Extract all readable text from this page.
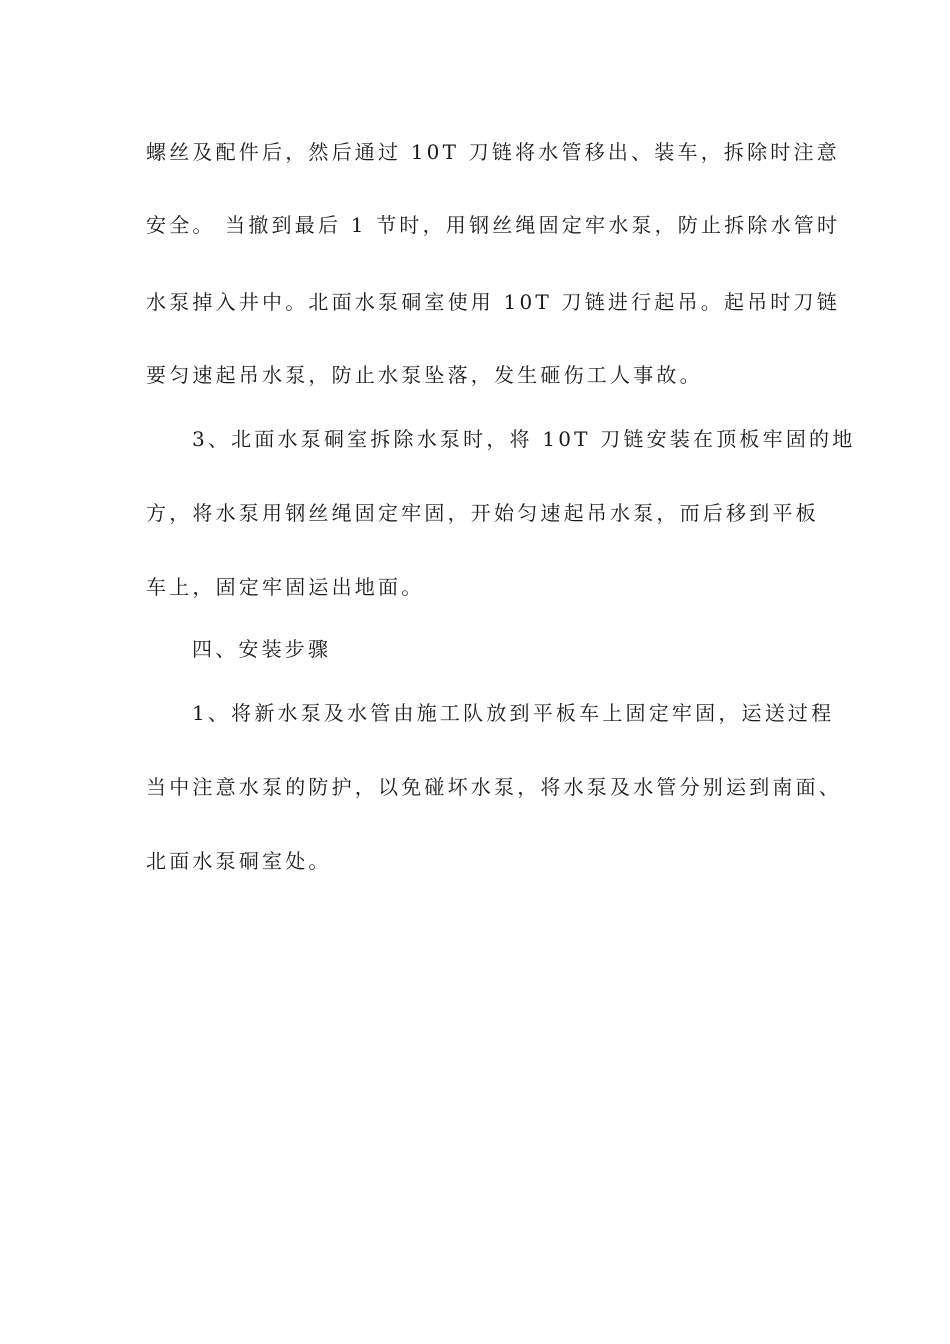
螺丝及配件后，然后通过 10T 刀链将水管移出、装车，拆除时注意
安全。 当撤到最后 1 节时，用钢丝绳固定牢水泵，防止拆除水管时
水泵掉入井中。北面水泵硐室使用 10T 刀链进行起吊。起吊时刀链
要匀速起吊水泵，防止水泵坠落，发生砸伤工人事故。
3、北面水泵硐室拆除水泵时，将 10T 刀链安装在顶板牢固的地
方，将水泵用钢丝绳固定牢固，开始匀速起吊水泵，而后移到平板
车上，固定牢固运出地面。
四、安装步骤
1、将新水泵及水管由施工队放到平板车上固定牢固，运送过程
当中注意水泵的防护，以免碰坏水泵，将水泵及水管分别运到南面、
北面水泵硐室处。
